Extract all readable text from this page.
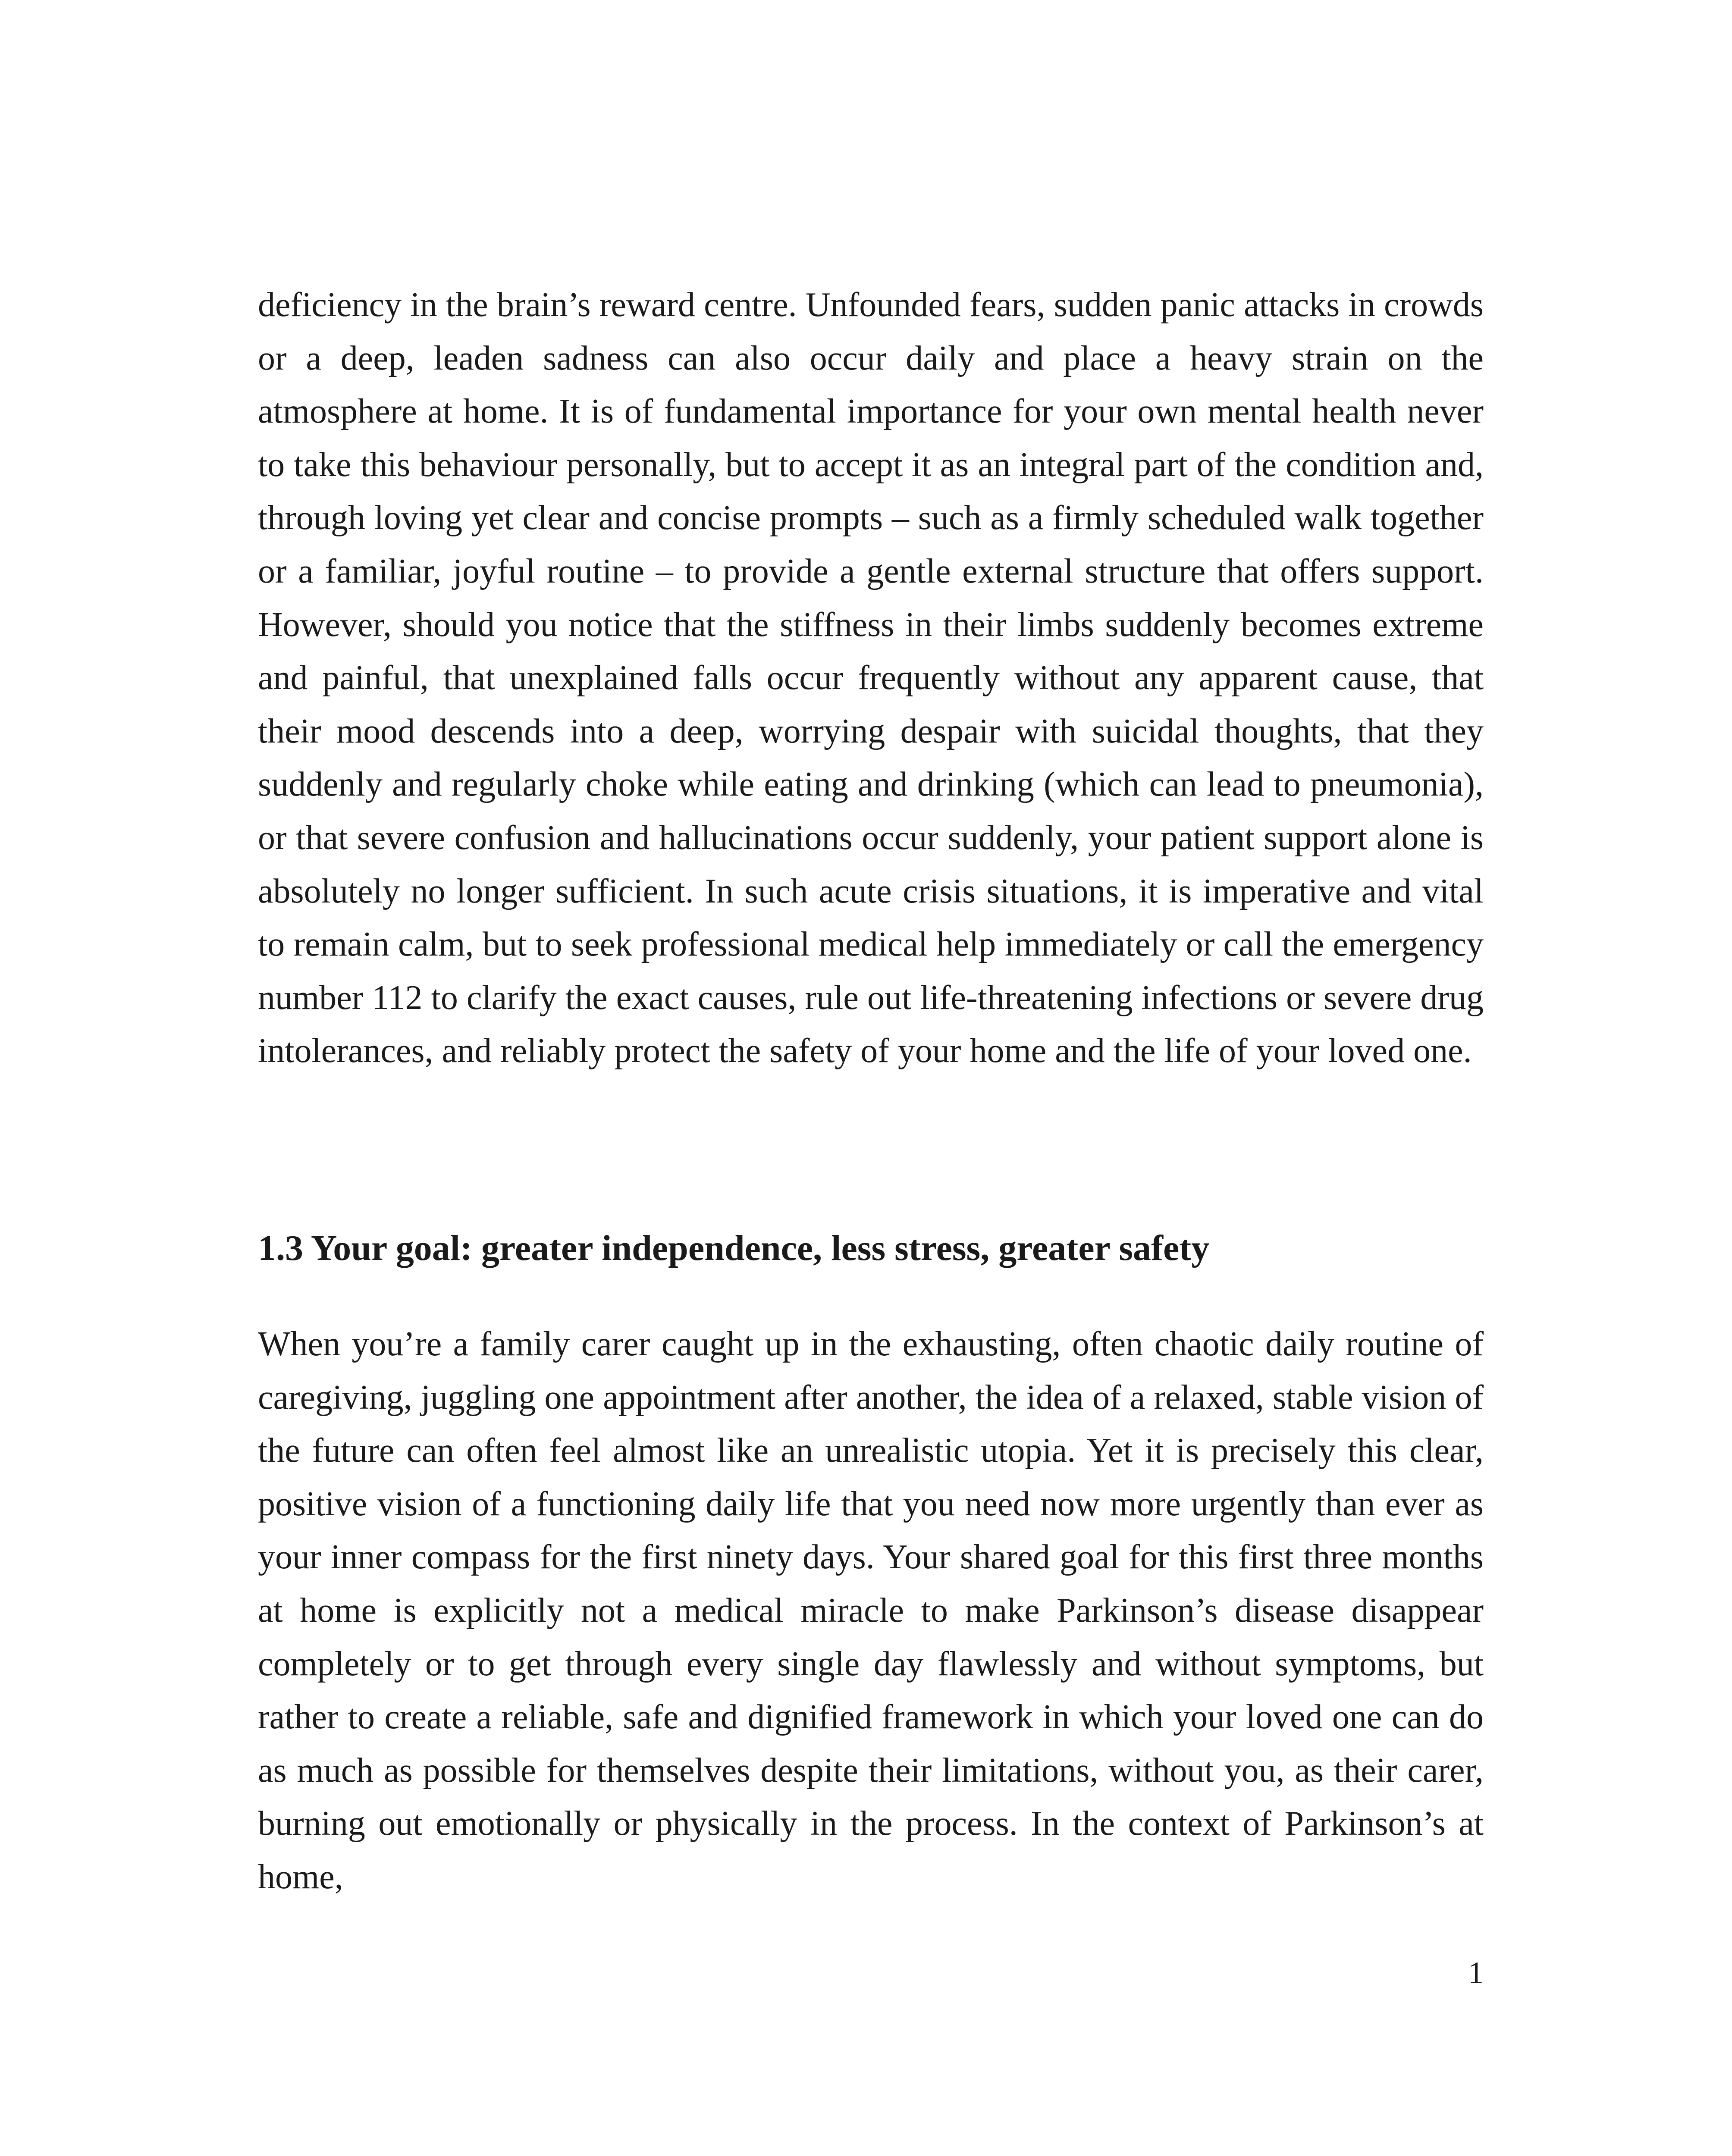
deficiency in the brain’s reward centre. Unfounded fears, sudden panic attacks in crowds or a deep, leaden sadness can also occur daily and place a heavy strain on the atmosphere at home. It is of fundamental importance for your own mental health never to take this behaviour personally, but to accept it as an integral part of the condition and, through loving yet clear and concise prompts – such as a firmly scheduled walk together or a familiar, joyful routine – to provide a gentle external structure that offers support. However, should you notice that the stiffness in their limbs suddenly becomes extreme and painful, that unexplained falls occur frequently without any apparent cause, that their mood descends into a deep, worrying despair with suicidal thoughts, that they suddenly and regularly choke while eating and drinking (which can lead to pneumonia), or that severe confusion and hallucinations occur suddenly, your patient support alone is absolutely no longer sufficient. In such acute crisis situations, it is imperative and vital to remain calm, but to seek professional medical help immediately or call the emergency number 112 to clarify the exact causes, rule out life-threatening infections or severe drug intolerances, and reliably protect the safety of your home and the life of your loved one.

1.3 Your goal: greater independence, less stress, greater safety

When you’re a family carer caught up in the exhausting, often chaotic daily routine of caregiving, juggling one appointment after another, the idea of a relaxed, stable vision of the future can often feel almost like an unrealistic utopia. Yet it is precisely this clear, positive vision of a functioning daily life that you need now more urgently than ever as your inner compass for the first ninety days. Your shared goal for this first three months at home is explicitly not a medical miracle to make Parkinson’s disease disappear completely or to get through every single day flawlessly and without symptoms, but rather to create a reliable, safe and dignified framework in which your loved one can do as much as possible for themselves despite their limitations, without you, as their carer, burning out emotionally or physically in the process. In the context of Parkinson’s at home,

1
